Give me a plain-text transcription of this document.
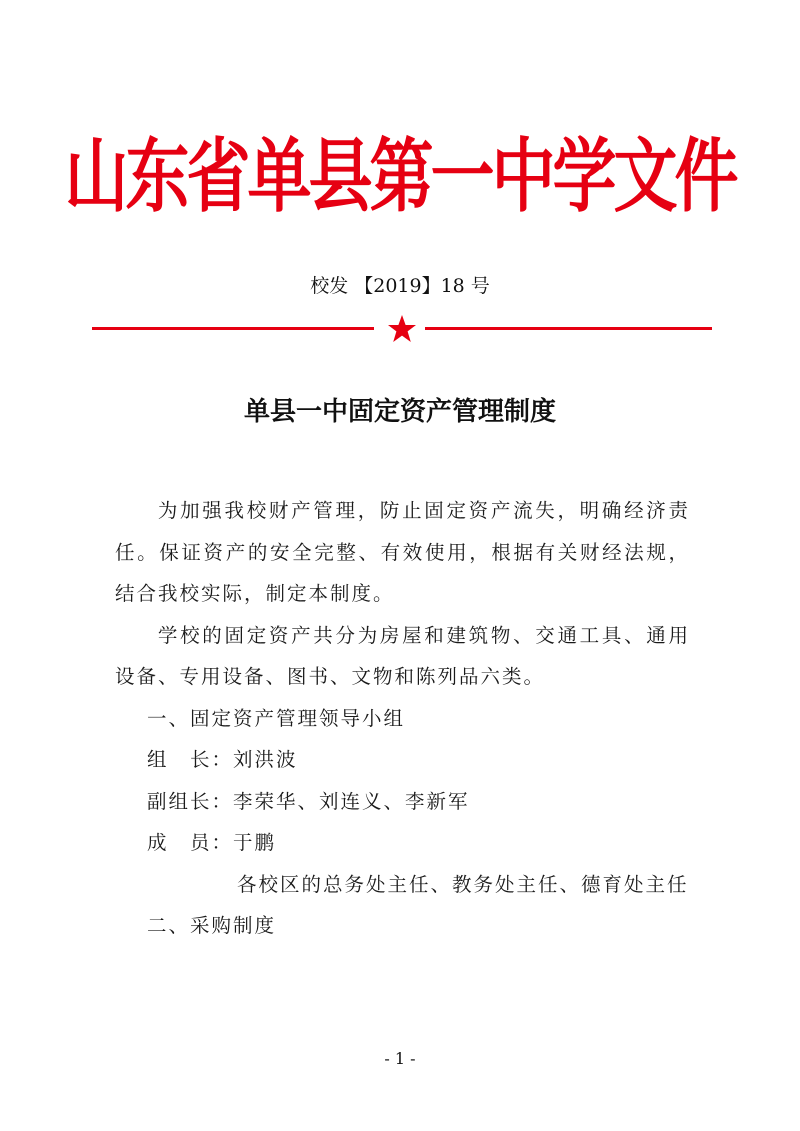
山东省单县第一中学文件
校发 【2019】18 号
单县一中固定资产管理制度

为加强我校财产管理，防止固定资产流失，明确经济责任。保证资产的安全完整、有效使用，根据有关财经法规，结合我校实际，制定本制度。

学校的固定资产共分为房屋和建筑物、交通工具、通用设备、专用设备、图书、文物和陈列品六类。

一、固定资产管理领导小组

组　长：刘洪波

副组长：李荣华、刘连义、李新军

成　员：于鹏

各校区的总务处主任、教务处主任、德育处主任

二、采购制度

- 1 -
